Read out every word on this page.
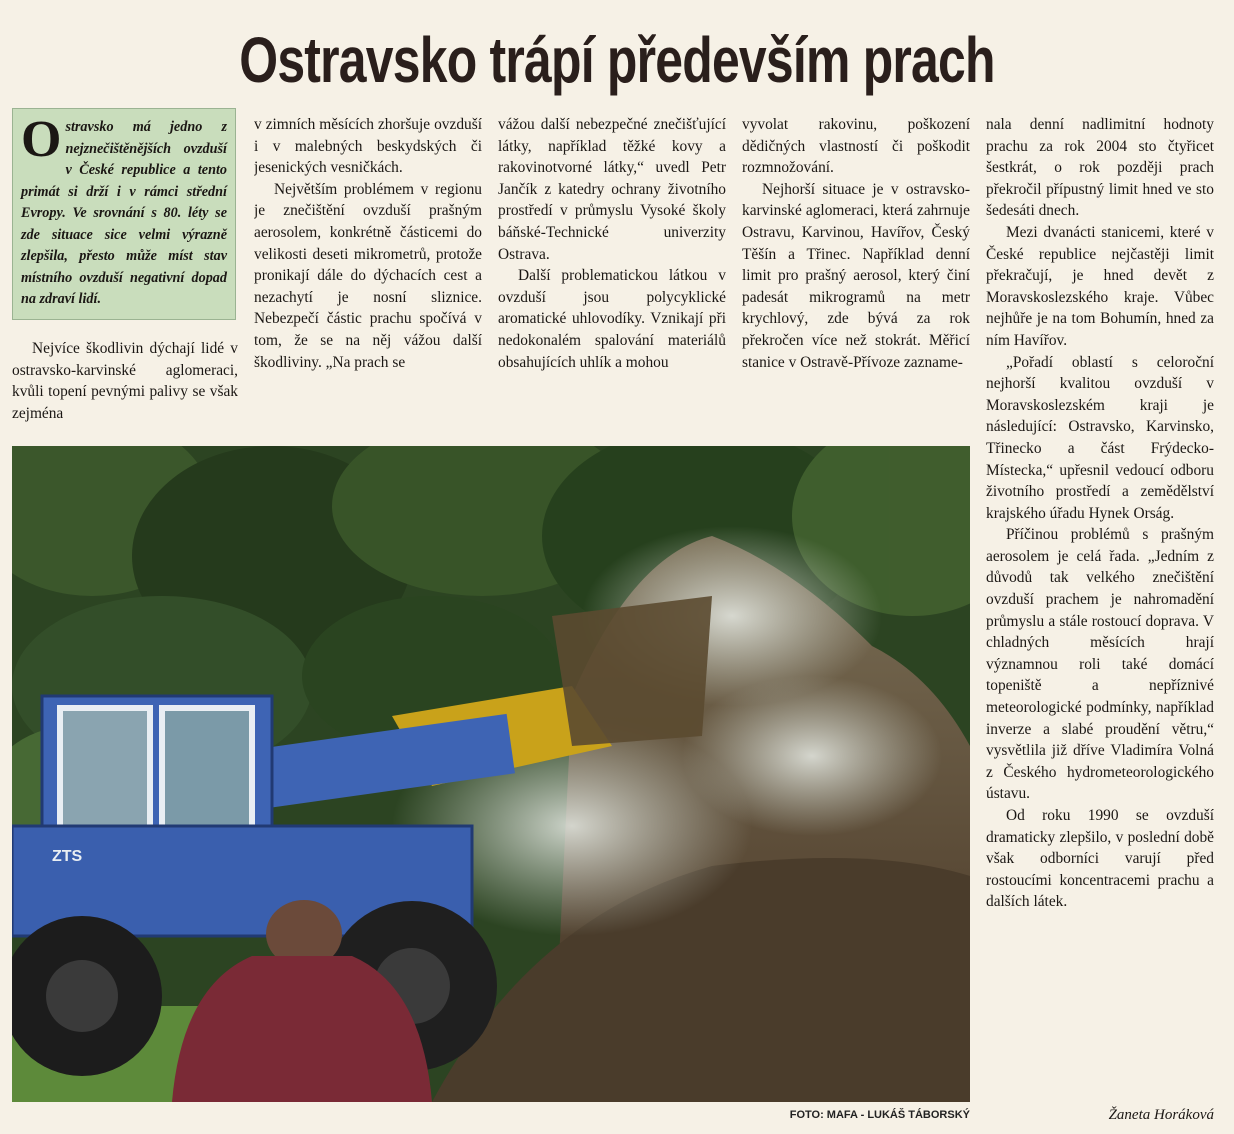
Ostravsko trápí především prach
Ostravsko má jedno z nejznečištěnějších ovzduší v České republice a tento primát si drží i v rámci střední Evropy. Ve srovnání s 80. léty se zde situace sice velmi výrazně zlepšila, přesto může míst stav místního ovzduší negativní dopad na zdraví lidí.

Nejvíce škodlivin dýchají lidé v ostravsko-karvinské aglomeraci, kvůli topení pevnými palivy se však zejména

v zimních měsících zhoršuje ovzduší i v malebných beskydských či jesenických vesničkách.

Největším problémem v regionu je znečištění ovzduší prašným aerosolem, konkrétně částicemi do velikosti deseti mikrometrů, protože pronikají dále do dýchacích cest a nezachytí je nosní sliznice. Nebezpečí částic prachu spočívá v tom, že se na něj vážou další škodliviny. „Na prach se

vážou další nebezpečné znečišťující látky, například těžké kovy a rakovinotvorné látky,“ uvedl Petr Jančík z katedry ochrany životního prostředí v průmyslu Vysoké školy báňské-Technické univerzity Ostrava.

Další problematickou látkou v ovzduší jsou polycyklické aromatické uhlovodíky. Vznikají při nedokonalém spalování materiálů obsahujících uhlík a mohou

vyvolat rakovinu, poškození dědičných vlastností či poškodit rozmnožování.

Nejhorší situace je v ostravsko-karvinské aglomeraci, která zahrnuje Ostravu, Karvinou, Havířov, Český Těšín a Třinec. Například denní limit pro prašný aerosol, který činí padesát mikrogramů na metr krychlový, zde bývá za rok překročen více než stokrát. Měřicí stanice v Ostravě-Přívoze zazname-

nala denní nadlimitní hodnoty prachu za rok 2004 sto čtyřicet šestkrát, o rok později prach překročil přípustný limit hned ve sto šedesáti dnech.

Mezi dvanácti stanicemi, které v České republice nejčastěji limit překračují, je hned devět z Moravskoslezského kraje. Vůbec nejhůře je na tom Bohumín, hned za ním Havířov.

„Pořadí oblastí s celoroční nejhorší kvalitou ovzduší v Moravskoslezském kraji je následující: Ostravsko, Karvinsko, Třinecko a část Frýdecko-Místecka,“ upřesnil vedoucí odboru životního prostředí a zemědělství krajského úřadu Hynek Orság.

Příčinou problémů s prašným aerosolem je celá řada. „Jedním z důvodů tak velkého znečištění ovzduší prachem je nahromadění průmyslu a stále rostoucí doprava. V chladných měsících hrají významnou roli také domácí topeniště a nepříznivé meteorologické podmínky, například inverze a slabé proudění větru,“ vysvětlila již dříve Vladimíra Volná z Českého hydrometeorologického ústavu.

Od roku 1990 se ovzduší dramaticky zlepšilo, v poslední době však odborníci varují před rostoucími koncentracemi prachu a dalších látek.

ZTS
FOTO: MAFA - LUKÁŠ TÁBORSKÝ	Žaneta Horáková
